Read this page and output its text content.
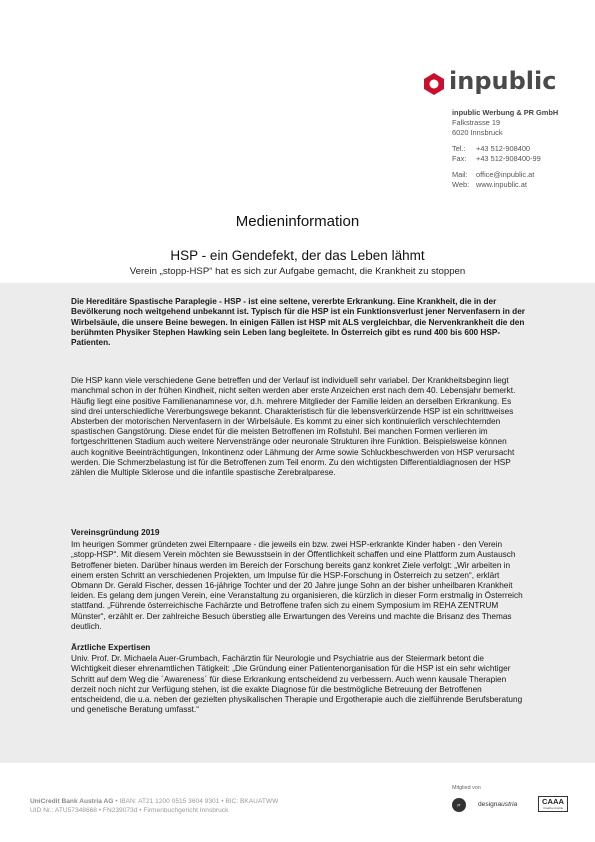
inpublic
inpublic Werbung & PR GmbH
Falkstrasse 19
6020 Innsbruck
Tel.: +43 512-908400
Fax: +43 512-908400-99
Mail: office@inpublic.at
Web: www.inpublic.at
Medieninformation
HSP - ein Gendefekt, der das Leben lähmt
Verein „stopp-HSP“ hat es sich zur Aufgabe gemacht, die Krankheit zu stoppen

Die Hereditäre Spastische Paraplegie - HSP - ist eine seltene, vererbte Erkrankung. Eine Krankheit, die in der Bevölkerung noch weitgehend unbekannt ist. Typisch für die HSP ist ein Funktionsverlust jener Nervenfasern in der Wirbelsäule, die unsere Beine bewegen. In einigen Fällen ist HSP mit ALS vergleichbar, die Nervenkrankheit die den berühmten Physiker Stephen Hawking sein Leben lang begleitete. In Österreich gibt es rund 400 bis 600 HSP-Patienten.

Die HSP kann viele verschiedene Gene betreffen und der Verlauf ist individuell sehr variabel. Der Krankheitsbeginn liegt manchmal schon in der frühen Kindheit, nicht selten werden aber erste Anzeichen erst nach dem 40. Lebensjahr bemerkt. Häufig liegt eine positive Familienanamnese vor, d.h. mehrere Mitglieder der Familie leiden an derselben Erkrankung. Es sind drei unterschiedliche Vererbungswege bekannt. Charakteristisch für die lebensverkürzende HSP ist ein schrittweises Absterben der motorischen Nervenfasern in der Wirbelsäule. Es kommt zu einer sich kontinuierlich verschlechternden spastischen Gangstörung. Diese endet für die meisten Betroffenen im Rollstuhl. Bei manchen Formen verlieren im fortgeschrittenen Stadium auch weitere Nervenstränge oder neuronale Strukturen ihre Funktion. Beispielsweise können auch kognitive Beeinträchtigungen, Inkontinenz oder Lähmung der Arme sowie Schluckbeschwerden von HSP verursacht werden. Die Schmerzbelastung ist für die Betroffenen zum Teil enorm. Zu den wichtigsten Differentialdiagnosen der HSP zählen die Multiple Sklerose und die infantile spastische Zerebralparese.

Vereinsgründung 2019

Im heurigen Sommer gründeten zwei Elternpaare - die jeweils ein bzw. zwei HSP-erkrankte Kinder haben - den Verein „stopp-HSP“. Mit diesem Verein möchten sie Bewusstsein in der Öffentlichkeit schaffen und eine Plattform zum Austausch Betroffener bieten. Darüber hinaus werden im Bereich der Forschung bereits ganz konkret Ziele verfolgt: „Wir arbeiten in einem ersten Schritt an verschiedenen Projekten, um Impulse für die HSP-Forschung in Österreich zu setzen“, erklärt Obmann Dr. Gerald Fischer, dessen 16-jährige Tochter und der 20 Jahre junge Sohn an der bisher unheilbaren Krankheit leiden. Es gelang dem jungen Verein, eine Veranstaltung zu organisieren, die kürzlich in dieser Form erstmalig in Österreich stattfand. „Führende österreichische Fachärzte und Betroffene trafen sich zu einem Symposium im REHA ZENTRUM Münster“, erzählt er. Der zahlreiche Besuch überstieg alle Erwartungen des Vereins und machte die Brisanz des Themas deutlich.

Ärztliche Expertisen

Univ. Prof. Dr. Michaela Auer-Grumbach, Fachärztin für Neurologie und Psychiatrie aus der Steiermark betont die Wichtigkeit dieser ehrenamtlichen Tätigkeit: „Die Gründung einer Patientenorganisation für die HSP ist ein sehr wichtiger Schritt auf dem Weg die ´Awareness´ für diese Erkrankung entscheidend zu verbessern. Auch wenn kausale Therapien derzeit noch nicht zur Verfügung stehen, ist die exakte Diagnose für die bestmögliche Betreuung der Betroffenen entscheidend, die u.a. neben der gezielten physikalischen Therapie und Ergotherapie auch die zielführende Berufsberatung und genetische Beratung umfasst.“

UniCredit Bank Austria AG • IBAN: AT21 1200 0515 3604 9301 • BIC: BKAUATWW
UID Nr.: ATU57348668 • FN239073d • Firmenbuchgericht Innsbruck
Mitglied von
pr	designaustria	CAAA
Creative Austria
